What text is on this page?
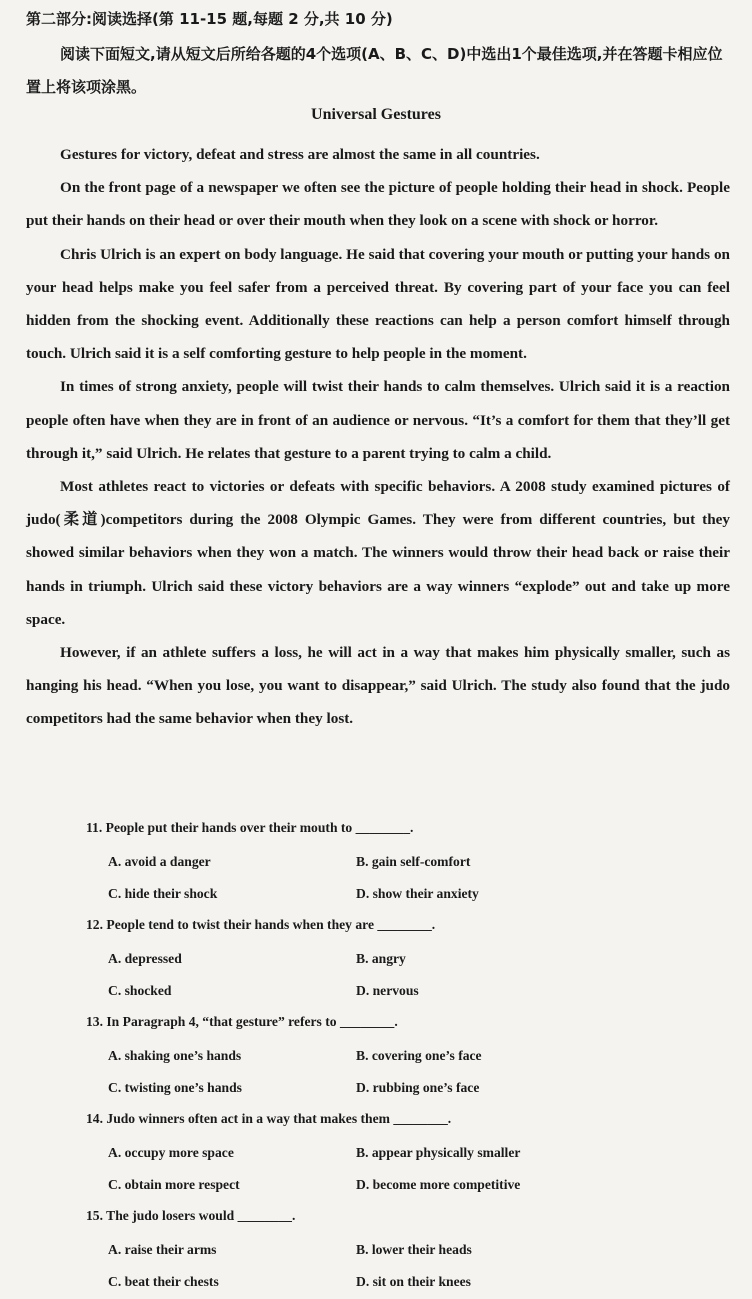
第二部分:阅读选择(第 11-15 题,每题 2 分,共 10 分)

阅读下面短文,请从短文后所给各题的4个选项(A、B、C、D)中选出1个最佳选项,并在答题卡相应位置上将该项涂黑。

Universal Gestures

Gestures for victory, defeat and stress are almost the same in all countries.

On the front page of a newspaper we often see the picture of people holding their head in shock. People put their hands on their head or over their mouth when they look on a scene with shock or horror.

Chris Ulrich is an expert on body language. He said that covering your mouth or putting your hands on your head helps make you feel safer from a perceived threat. By covering part of your face you can feel hidden from the shocking event. Additionally these reactions can help a person comfort himself through touch. Ulrich said it is a self comforting gesture to help people in the moment.

In times of strong anxiety, people will twist their hands to calm themselves. Ulrich said it is a reaction people often have when they are in front of an audience or nervous. “It’s a comfort for them that they’ll get through it,” said Ulrich. He relates that gesture to a parent trying to calm a child.

Most athletes react to victories or defeats with specific behaviors. A 2008 study examined pictures of judo(柔道)competitors during the 2008 Olympic Games. They were from different countries, but they showed similar behaviors when they won a match. The winners would throw their head back or raise their hands in triumph. Ulrich said these victory behaviors are a way winners “explode” out and take up more space.

However, if an athlete suffers a loss, he will act in a way that makes him physically smaller, such as hanging his head. “When you lose, you want to disappear,” said Ulrich. The study also found that the judo competitors had the same behavior when they lost.

11. People put their hands over their mouth to ________.
A. avoid a danger	B. gain self-comfort
C. hide their shock	D. show their anxiety
12. People tend to twist their hands when they are ________.
A. depressed	B. angry
C. shocked	D. nervous
13. In Paragraph 4, “that gesture” refers to ________.
A. shaking one’s hands	B. covering one’s face
C. twisting one’s hands	D. rubbing one’s face
14. Judo winners often act in a way that makes them ________.
A. occupy more space	B. appear physically smaller
C. obtain more respect	D. become more competitive
15. The judo losers would ________.
A. raise their arms	B. lower their heads
C. beat their chests	D. sit on their knees
